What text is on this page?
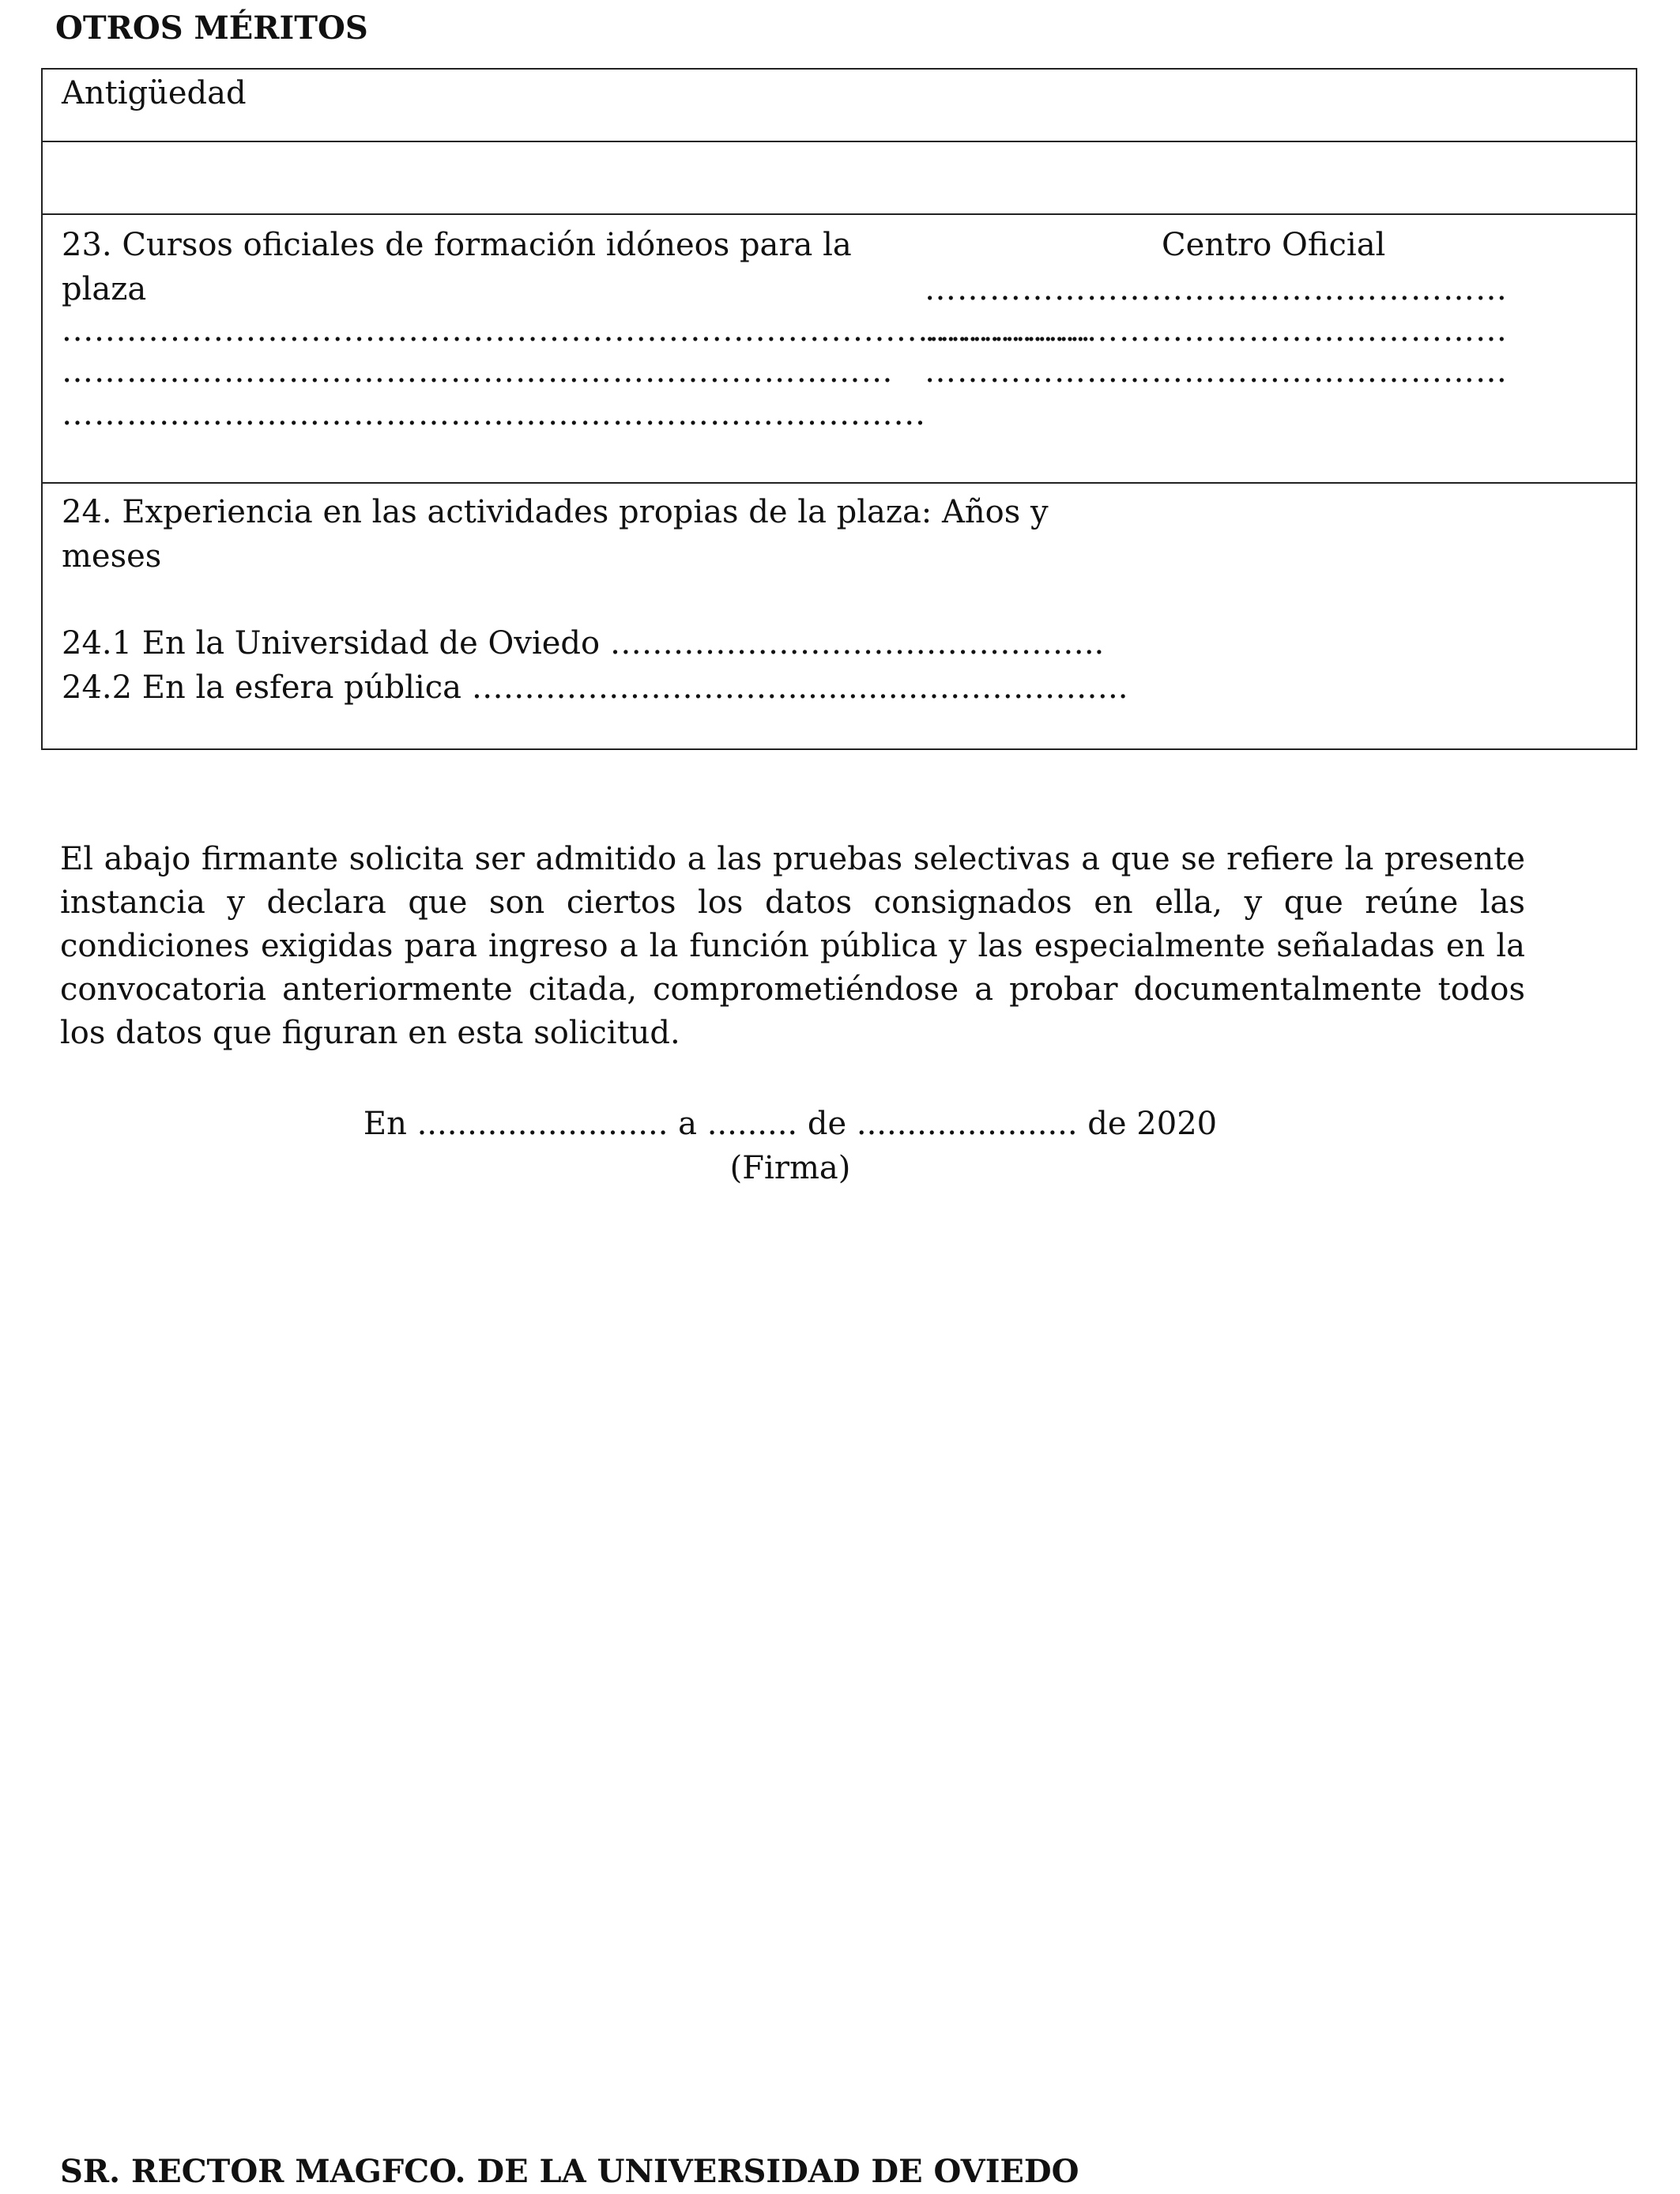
OTROS MÉRITOS
Antigüedad
23. Cursos oficiales de formación idóneos para la
plaza
...............................................................................................
…………………………………………………….....…………
…………………………………………………………........…...
Centro Oficial
………………………………………………
………………………………………………
………………………………………………
24. Experiencia en las actividades propias de la plaza: Años y
meses
24.1 En la Universidad de Oviedo ………………………………………..
24.2 En la esfera pública ………………………….............………………..
El abajo firmante solicita ser admitido a las pruebas selectivas a que se refiere la presente instancia y declara que son ciertos los datos consignados en ella, y que reúne las condiciones exigidas para ingreso a la función pública y las especialmente señaladas en la convocatoria anteriormente citada, comprometiéndose a probar documentalmente todos los datos que figuran en esta solicitud.
En ......................... a ......... de ...................... de 2020
(Firma)
SR. RECTOR MAGFCO. DE LA UNIVERSIDAD DE OVIEDO
